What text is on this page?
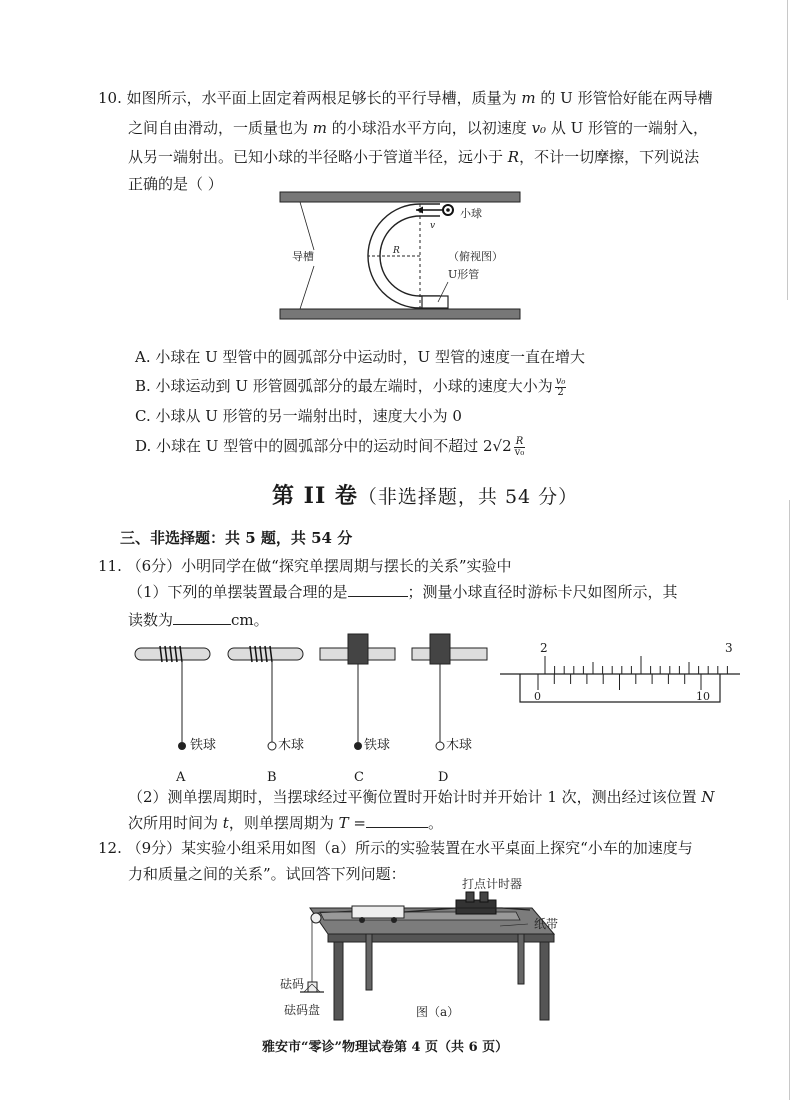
10. 如图所示，水平面上固定着两根足够长的平行导槽，质量为 m 的 U 形管恰好能在两导槽
之间自由滑动，一质量也为 m 的小球沿水平方向，以初速度 v₀ 从 U 形管的一端射入，
从另一端射出。已知小球的半径略小于管道半径，远小于 R，不计一切摩擦，下列说法
正确的是（ ）
小球
v
导槽	R	（俯视图）
U形管
A. 小球在 U 型管中的圆弧部分中运动时，U 型管的速度一直在增大
B. 小球运动到 U 形管圆弧部分的最左端时，小球的速度大小为 $\frac{\text{v₀}}{2}$
C. 小球从 U 形管的另一端射出时，速度大小为 0
D. 小球在 U 型管中的圆弧部分中的运动时间不超过 $2√2 \frac{R}{\text{v₀}}$
第 II 卷（非选择题，共 54 分）
三、非选择题：共 5 题，共 54 分
11. （6分）小明同学在做“探究单摆周期与摆长的关系”实验中
（1）下列的单摆装置最合理的是	；测量小球直径时游标卡尺如图所示，其
读数为	cm。
铁球	木球	铁球	木球
A	B	C	D
2	3
0	10
（2）测单摆周期时，当摆球经过平衡位置时开始计时并开始计 1 次，测出经过该位置 N
次所用时间为 t，则单摆周期为 T =	。
12. （9分）某实验小组采用如图（a）所示的实验装置在水平桌面上探究“小车的加速度与
力和质量之间的关系”。试回答下列问题：
打点计时器
纸带
砝码
砝码盘	图（a）
雅安市“零诊”物理试卷第 4 页（共 6 页）
